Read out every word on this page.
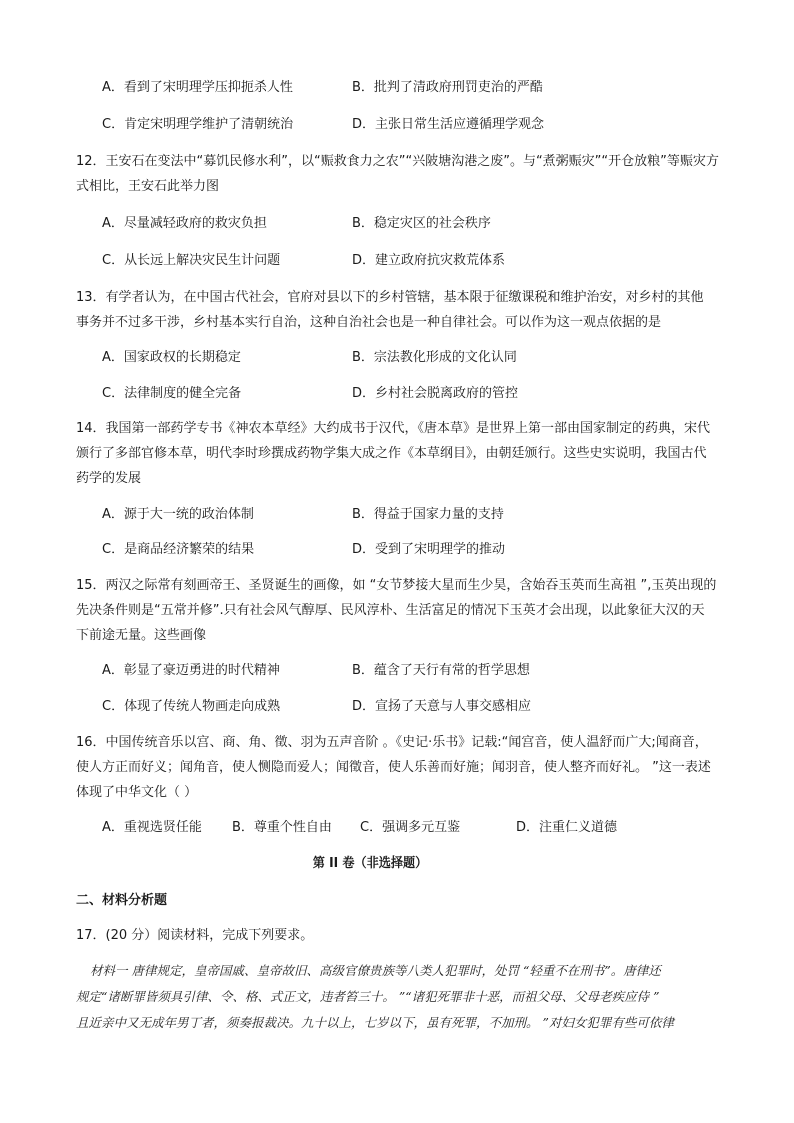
A．看到了宋明理学压抑扼杀人性	B．批判了清政府刑罚吏治的严酷
C．肯定宋明理学维护了清朝统治	D．主张日常生活应遵循理学观念
12．王安石在变法中“募饥民修水利”，以“赈救食力之农”“兴陂塘沟港之废”。与“煮粥赈灾”“开仓放粮”等赈灾方
式相比，王安石此举力图
A．尽量减轻政府的救灾负担	B．稳定灾区的社会秩序
C．从长远上解决灾民生计问题	D．建立政府抗灾救荒体系
13．有学者认为，在中国古代社会，官府对县以下的乡村管辖，基本限于征缴课税和维护治安，对乡村的其他
事务并不过多干涉，乡村基本实行自治，这种自治社会也是一种自律社会。可以作为这一观点依据的是
A．国家政权的长期稳定	B．宗法教化形成的文化认同
C．法律制度的健全完备	D．乡村社会脱离政府的管控
14．我国第一部药学专书《神农本草经》大约成书于汉代，《唐本草》是世界上第一部由国家制定的药典，宋代
颁行了多部官修本草，明代李时珍撰成药物学集大成之作《本草纲目》，由朝廷颁行。这些史实说明，我国古代
药学的发展
A．源于大一统的政治体制	B．得益于国家力量的支持
C．是商品经济繁荣的结果	D．受到了宋明理学的推动
15．两汉之际常有刻画帝王、圣贤诞生的画像，如 “女节梦接大星而生少昊，含始吞玉英而生高祖 ”,玉英出现的
先决条件则是“五常并修”.只有社会风气醇厚、民风淳朴、生活富足的情况下玉英才会出现，以此象征大汉的天
下前途无量。这些画像
A．彰显了豪迈勇进的时代精神	B．蕴含了天行有常的哲学思想
C．体现了传统人物画走向成熟	D．宣扬了天意与人事交感相应
16．中国传统音乐以宫、商、角、徵、羽为五声音阶 。《史记·乐书》记载:“闻宫音，使人温舒而广大;闻商音，
使人方正而好义；闻角音，使人恻隐而爱人；闻徵音，使人乐善而好施；闻羽音，使人整齐而好礼。 ”这一表述
体现了中华文化（ ）
A．重视选贤任能 B．尊重个性自由 C．强调多元互鉴	D．注重仁义道德
第 II 卷（非选择题）
二、材料分析题
17．(20 分）阅读材料，完成下列要求。
材料一 唐律规定，皇帝国戚、皇帝故旧、高级官僚贵族等八类人犯罪时，处罚 “轻重不在刑书”。唐律还
规定“诸断罪皆须具引律、令、格、式正文，违者笞三十。 ”“诸犯死罪非十恶，而祖父母、父母老疾应侍 ”
且近亲中又无成年男丁者，须奏报裁决。九十以上，七岁以下，虽有死罪，不加刑。 ”对妇女犯罪有些可依律
